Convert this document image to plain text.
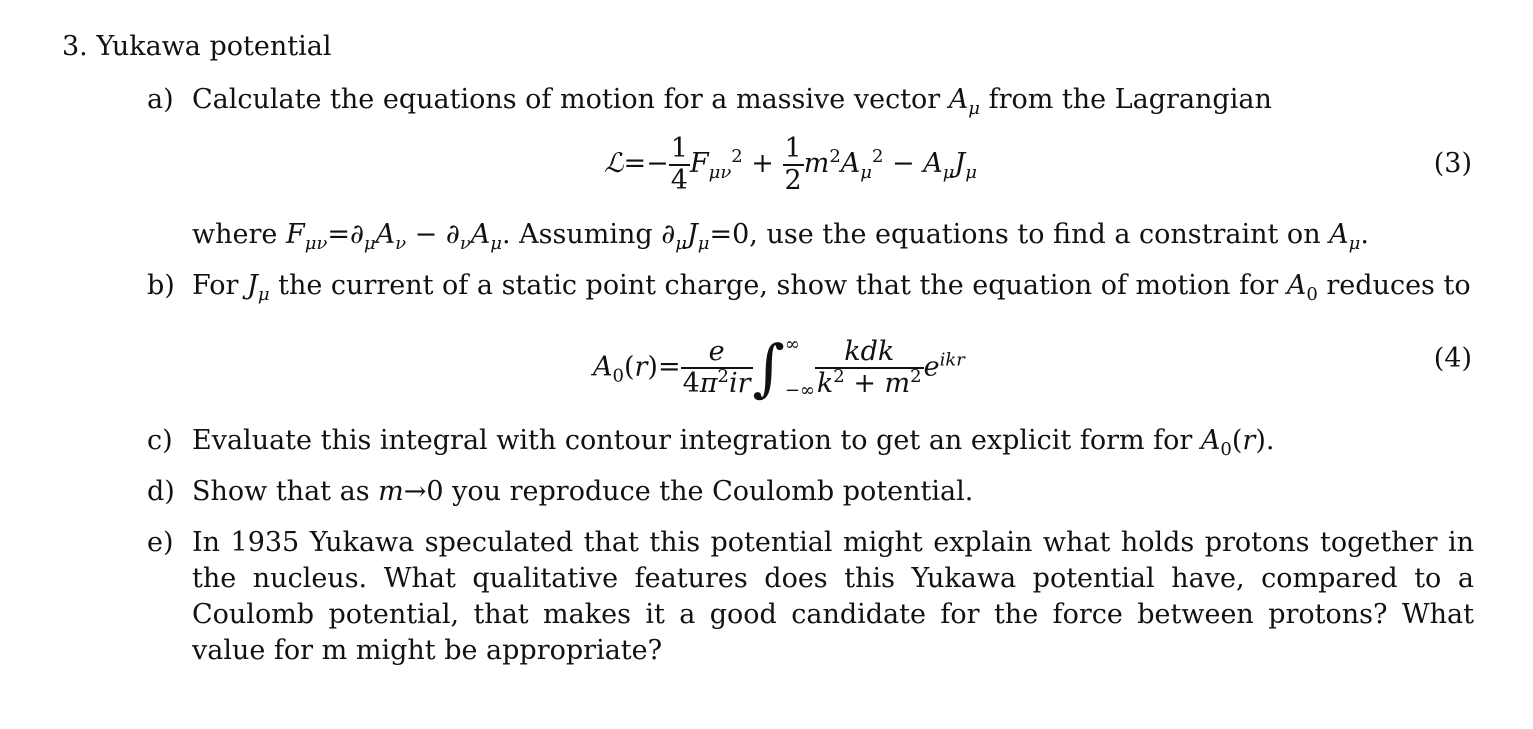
3. Yukawa potential
a) Calculate the equations of motion for a massive vector $A_\mu$ from the Lagrangian
ℒ=− $\frac{1}{4} F_{\mu\nu}^2 + \frac{1}{2} m^2A_\mu^2 - A_\mu J_\mu$	(3)
where $F_{\mu\nu}=\partial_\mu A_\nu - \partial_\nu A_\mu$. Assuming $\partial_\mu J_\mu=0$, use the equations to find a constraint on $A_\mu$.
b) For $J_\mu$ the current of a static point charge, show that the equation of motion for $A_0$ reduces to
$A_0(r)= \frac{e}{4\pi^2ir}$ ∫ ∞
−∞ $\frac{\text{kdk}}{k^2 + m^2} e^{ikr}$	(4)
c) Evaluate this integral with contour integration to get an explicit form for $A_0(r)$.
d) Show that as m→0 you reproduce the Coulomb potential.
e) In 1935 Yukawa speculated that this potential might explain what holds protons together in the nucleus. What qualitative features does this Yukawa potential have, compared to a Coulomb potential, that makes it a good candidate for the force between protons? What value for m might be appropriate?
